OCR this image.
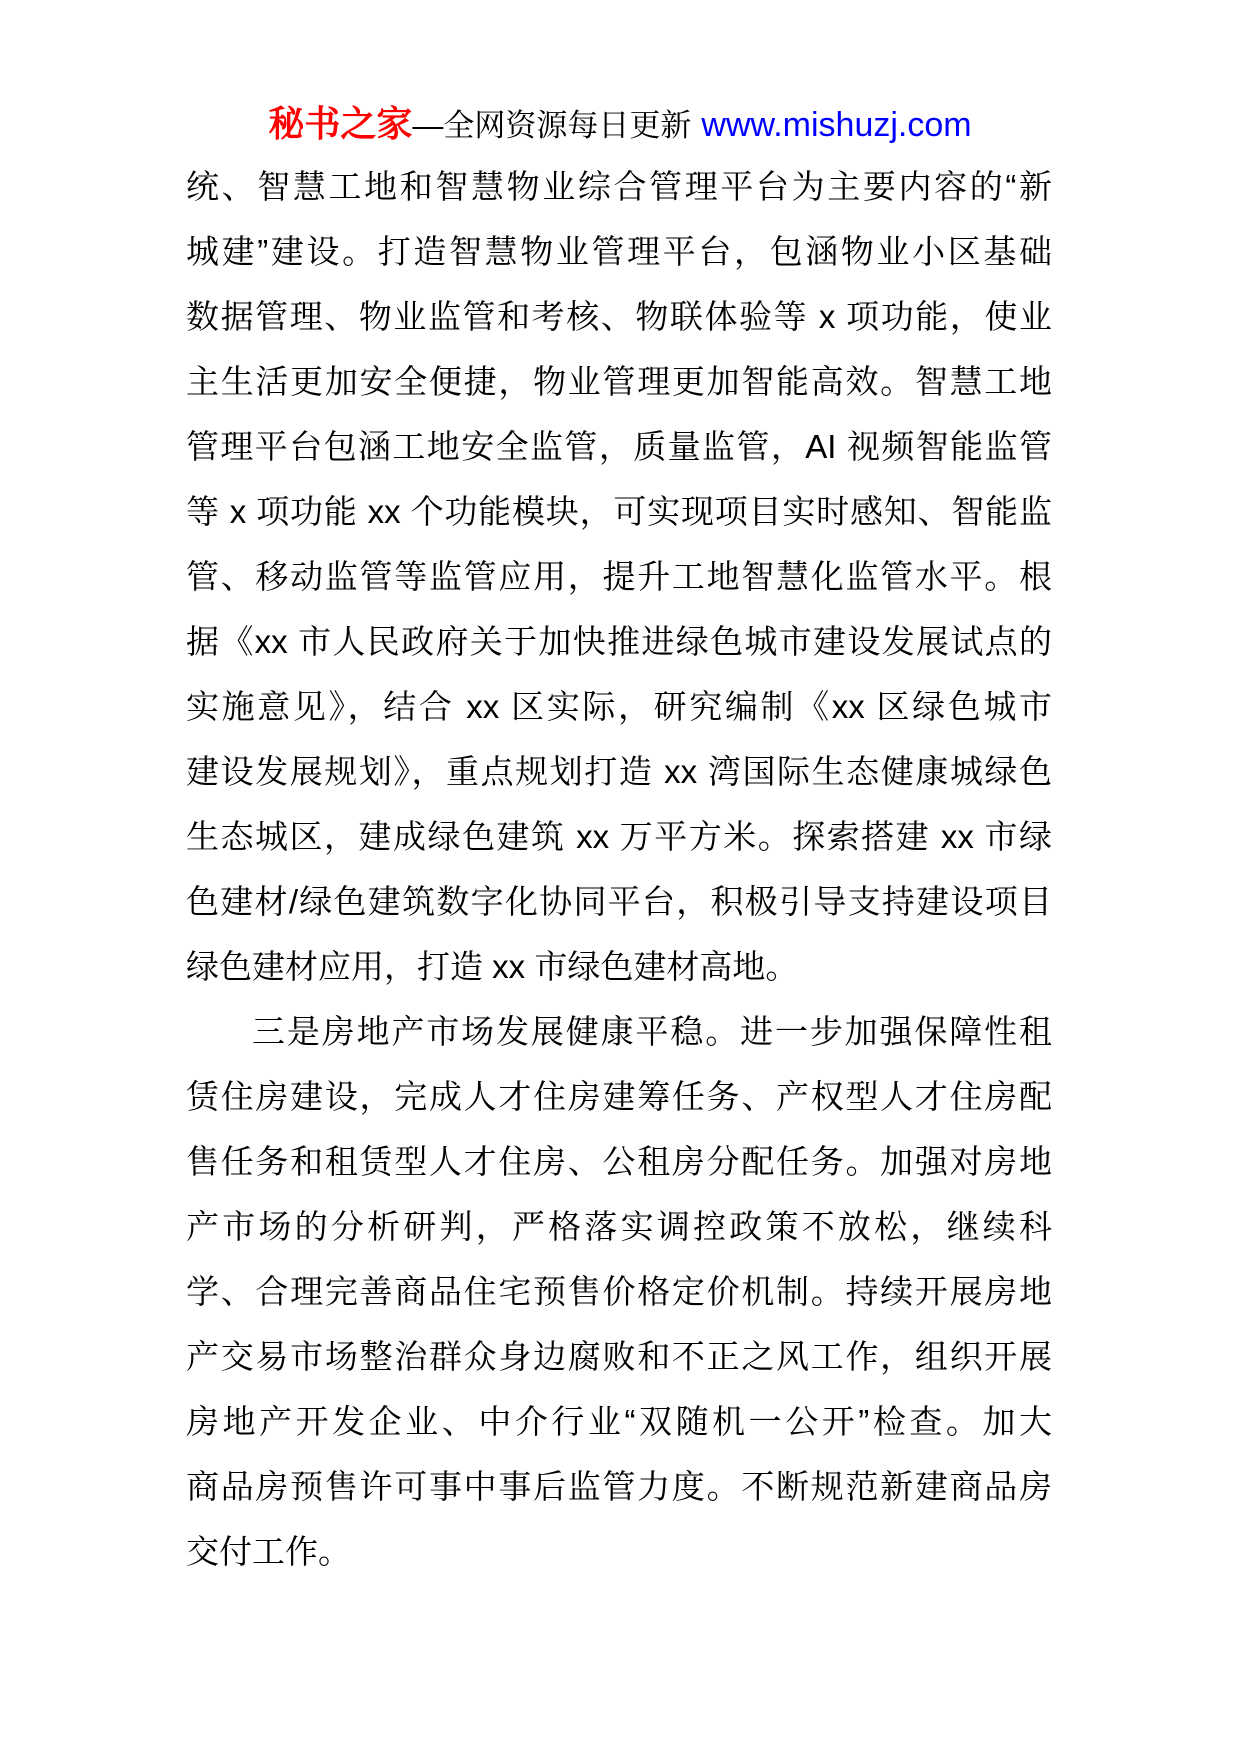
秘书之家—全网资源每日更新 www.mishuzj.com
统、智慧工地和智慧物业综合管理平台为主要内容的“新
城建”建设。打造智慧物业管理平台，包涵物业小区基础
数据管理、物业监管和考核、物联体验等 x 项功能，使业
主生活更加安全便捷，物业管理更加智能高效。智慧工地
管理平台包涵工地安全监管，质量监管，AI 视频智能监管
等 x 项功能 xx 个功能模块，可实现项目实时感知、智能监
管、移动监管等监管应用，提升工地智慧化监管水平。根
据《xx 市人民政府关于加快推进绿色城市建设发展试点的
实施意见》，结合 xx 区实际，研究编制《xx 区绿色城市
建设发展规划》，重点规划打造 xx 湾国际生态健康城绿色
生态城区，建成绿色建筑 xx 万平方米。探索搭建 xx 市绿
色建材/绿色建筑数字化协同平台，积极引导支持建设项目
绿色建材应用，打造 xx 市绿色建材高地。
三是房地产市场发展健康平稳。进一步加强保障性租
赁住房建设，完成人才住房建筹任务、产权型人才住房配
售任务和租赁型人才住房、公租房分配任务。加强对房地
产市场的分析研判，严格落实调控政策不放松，继续科
学、合理完善商品住宅预售价格定价机制。持续开展房地
产交易市场整治群众身边腐败和不正之风工作，组织开展
房地产开发企业、中介行业“双随机一公开”检查。加大
商品房预售许可事中事后监管力度。不断规范新建商品房
交付工作。
